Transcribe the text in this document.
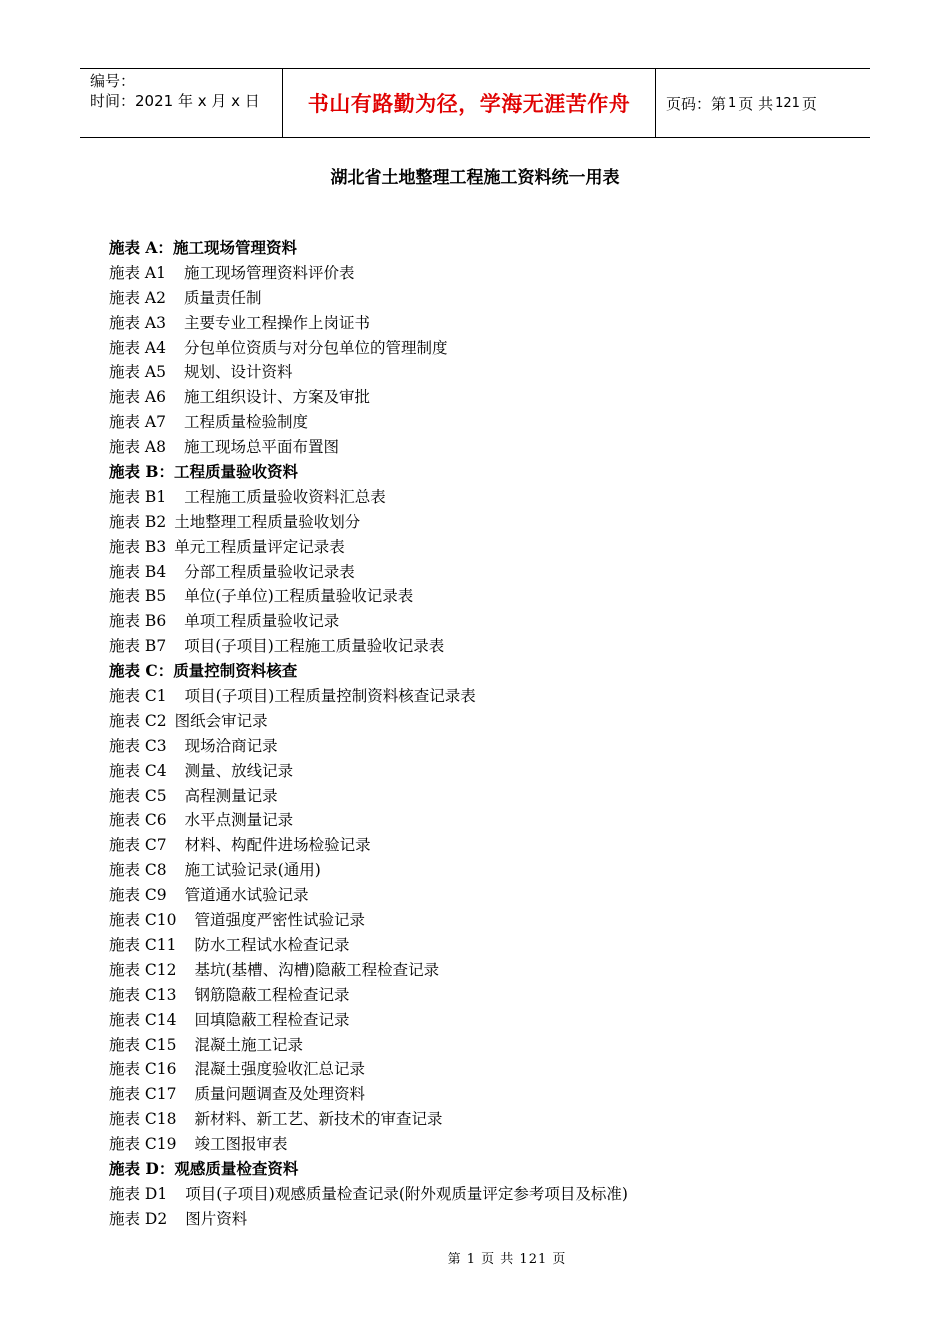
编号：
时间：2021 年 x 月 x 日	书山有路勤为径，学海无涯苦作舟	页码：第 1 页 共 121 页
湖北省土地整理工程施工资料统一用表
施表 A：施工现场管理资料
施表 A1 施工现场管理资料评价表
施表 A2 质量责任制
施表 A3 主要专业工程操作上岗证书
施表 A4 分包单位资质与对分包单位的管理制度
施表 A5 规划、设计资料
施表 A6 施工组织设计、方案及审批
施表 A7 工程质量检验制度
施表 A8 施工现场总平面布置图
施表 B：工程质量验收资料
施表 B1 工程施工质量验收资料汇总表
施表 B2 土地整理工程质量验收划分
施表 B3 单元工程质量评定记录表
施表 B4 分部工程质量验收记录表
施表 B5 单位(子单位)工程质量验收记录表
施表 B6 单项工程质量验收记录
施表 B7 项目(子项目)工程施工质量验收记录表
施表 C：质量控制资料核查
施表 C1 项目(子项目)工程质量控制资料核查记录表
施表 C2 图纸会审记录
施表 C3 现场洽商记录
施表 C4 测量、放线记录
施表 C5 高程测量记录
施表 C6 水平点测量记录
施表 C7 材料、构配件进场检验记录
施表 C8 施工试验记录(通用)
施表 C9 管道通水试验记录
施表 C10 管道强度严密性试验记录
施表 C11 防水工程试水检查记录
施表 C12 基坑(基槽、沟槽)隐蔽工程检查记录
施表 C13 钢筋隐蔽工程检查记录
施表 C14 回填隐蔽工程检查记录
施表 C15 混凝土施工记录
施表 C16 混凝土强度验收汇总记录
施表 C17 质量问题调查及处理资料
施表 C18 新材料、新工艺、新技术的审查记录
施表 C19 竣工图报审表
施表 D：观感质量检查资料
施表 D1 项目(子项目)观感质量检查记录(附外观质量评定参考项目及标准)
施表 D2 图片资料
第 1 页 共 121 页
